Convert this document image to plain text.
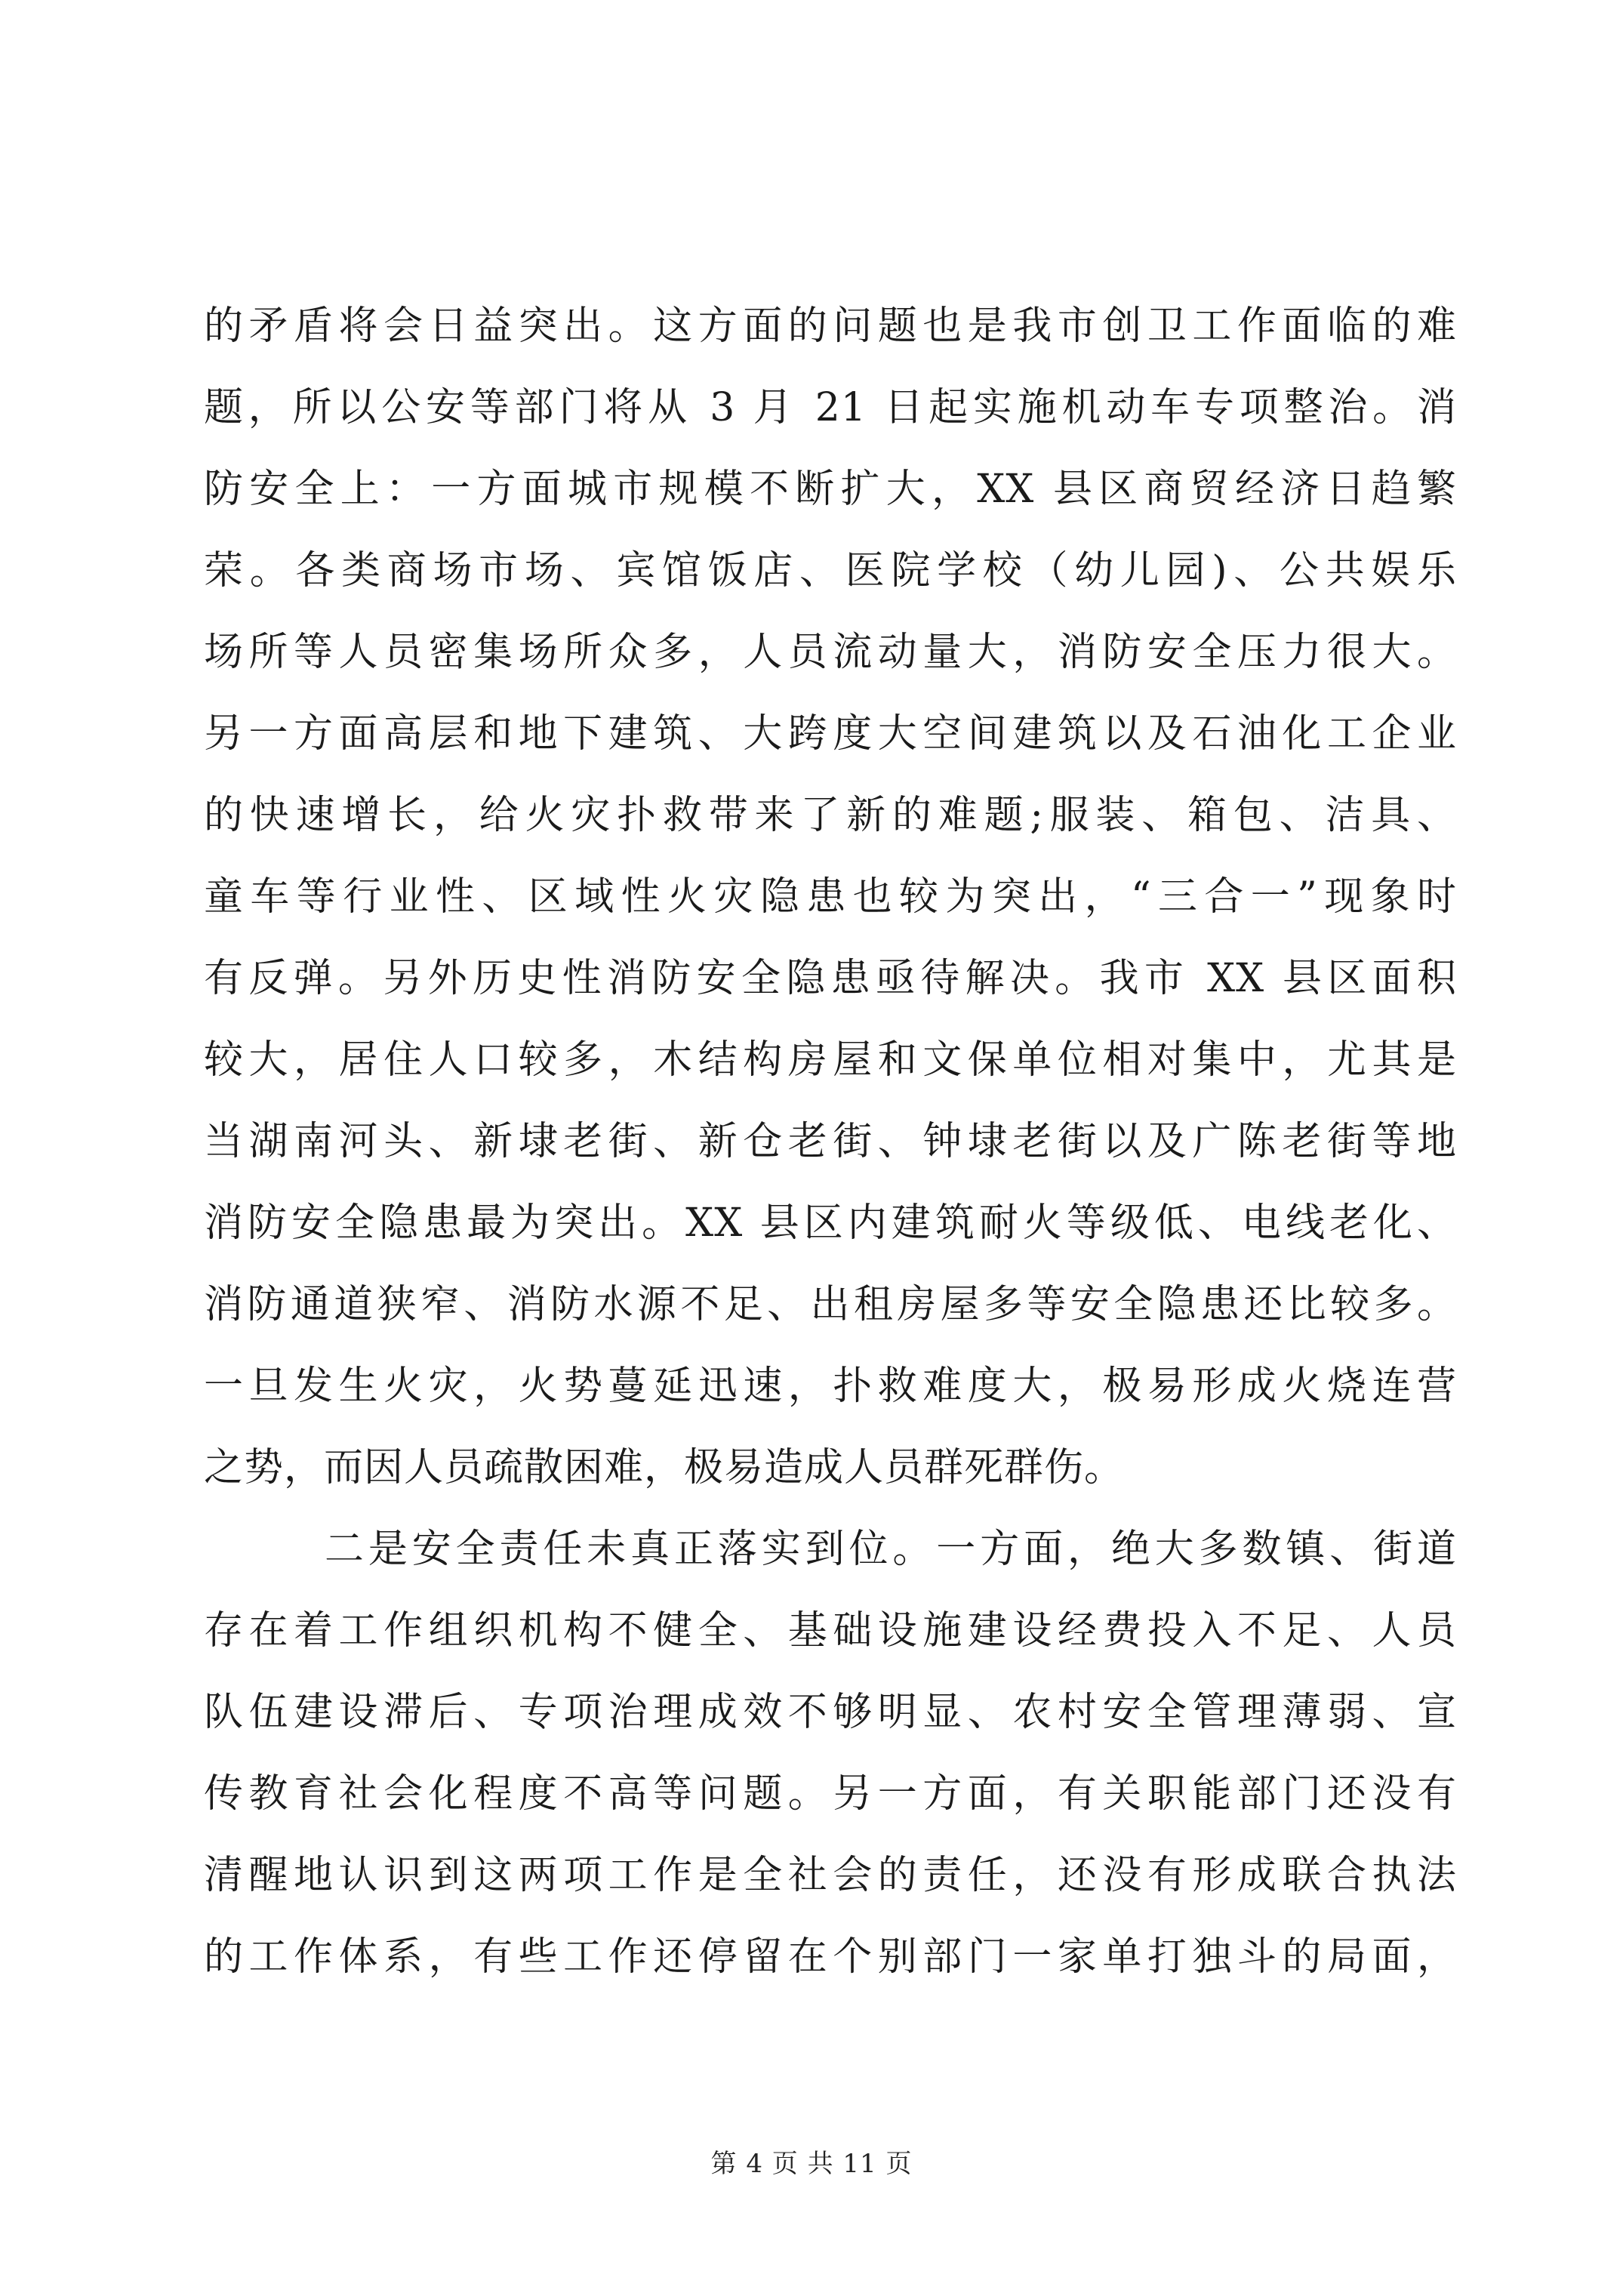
的矛盾将会日益突出。这方面的问题也是我市创卫工作面临的难
题，所以公安等部门将从 3 月 21 日起实施机动车专项整治。消
防安全上：一方面城市规模不断扩大，XX 县区商贸经济日趋繁
荣。各类商场市场、宾馆饭店、医院学校（幼儿园)、公共娱乐
场所等人员密集场所众多，人员流动量大，消防安全压力很大。
另一方面高层和地下建筑、大跨度大空间建筑以及石油化工企业
的快速增长，给火灾扑救带来了新的难题;服装、箱包、洁具、
童车等行业性、区域性火灾隐患也较为突出，“三合一”现象时
有反弹。另外历史性消防安全隐患亟待解决。我市 XX 县区面积
较大，居住人口较多，木结构房屋和文保单位相对集中，尤其是
当湖南河头、新埭老街、新仓老街、钟埭老街以及广陈老街等地
消防安全隐患最为突出。XX 县区内建筑耐火等级低、电线老化、
消防通道狭窄、消防水源不足、出租房屋多等安全隐患还比较多。
一旦发生火灾，火势蔓延迅速，扑救难度大，极易形成火烧连营
之势，而因人员疏散困难，极易造成人员群死群伤。
二是安全责任未真正落实到位。一方面，绝大多数镇、街道
存在着工作组织机构不健全、基础设施建设经费投入不足、人员
队伍建设滞后、专项治理成效不够明显、农村安全管理薄弱、宣
传教育社会化程度不高等问题。另一方面，有关职能部门还没有
清醒地认识到这两项工作是全社会的责任，还没有形成联合执法
的工作体系，有些工作还停留在个别部门一家单打独斗的局面，
第 4 页 共 11 页
